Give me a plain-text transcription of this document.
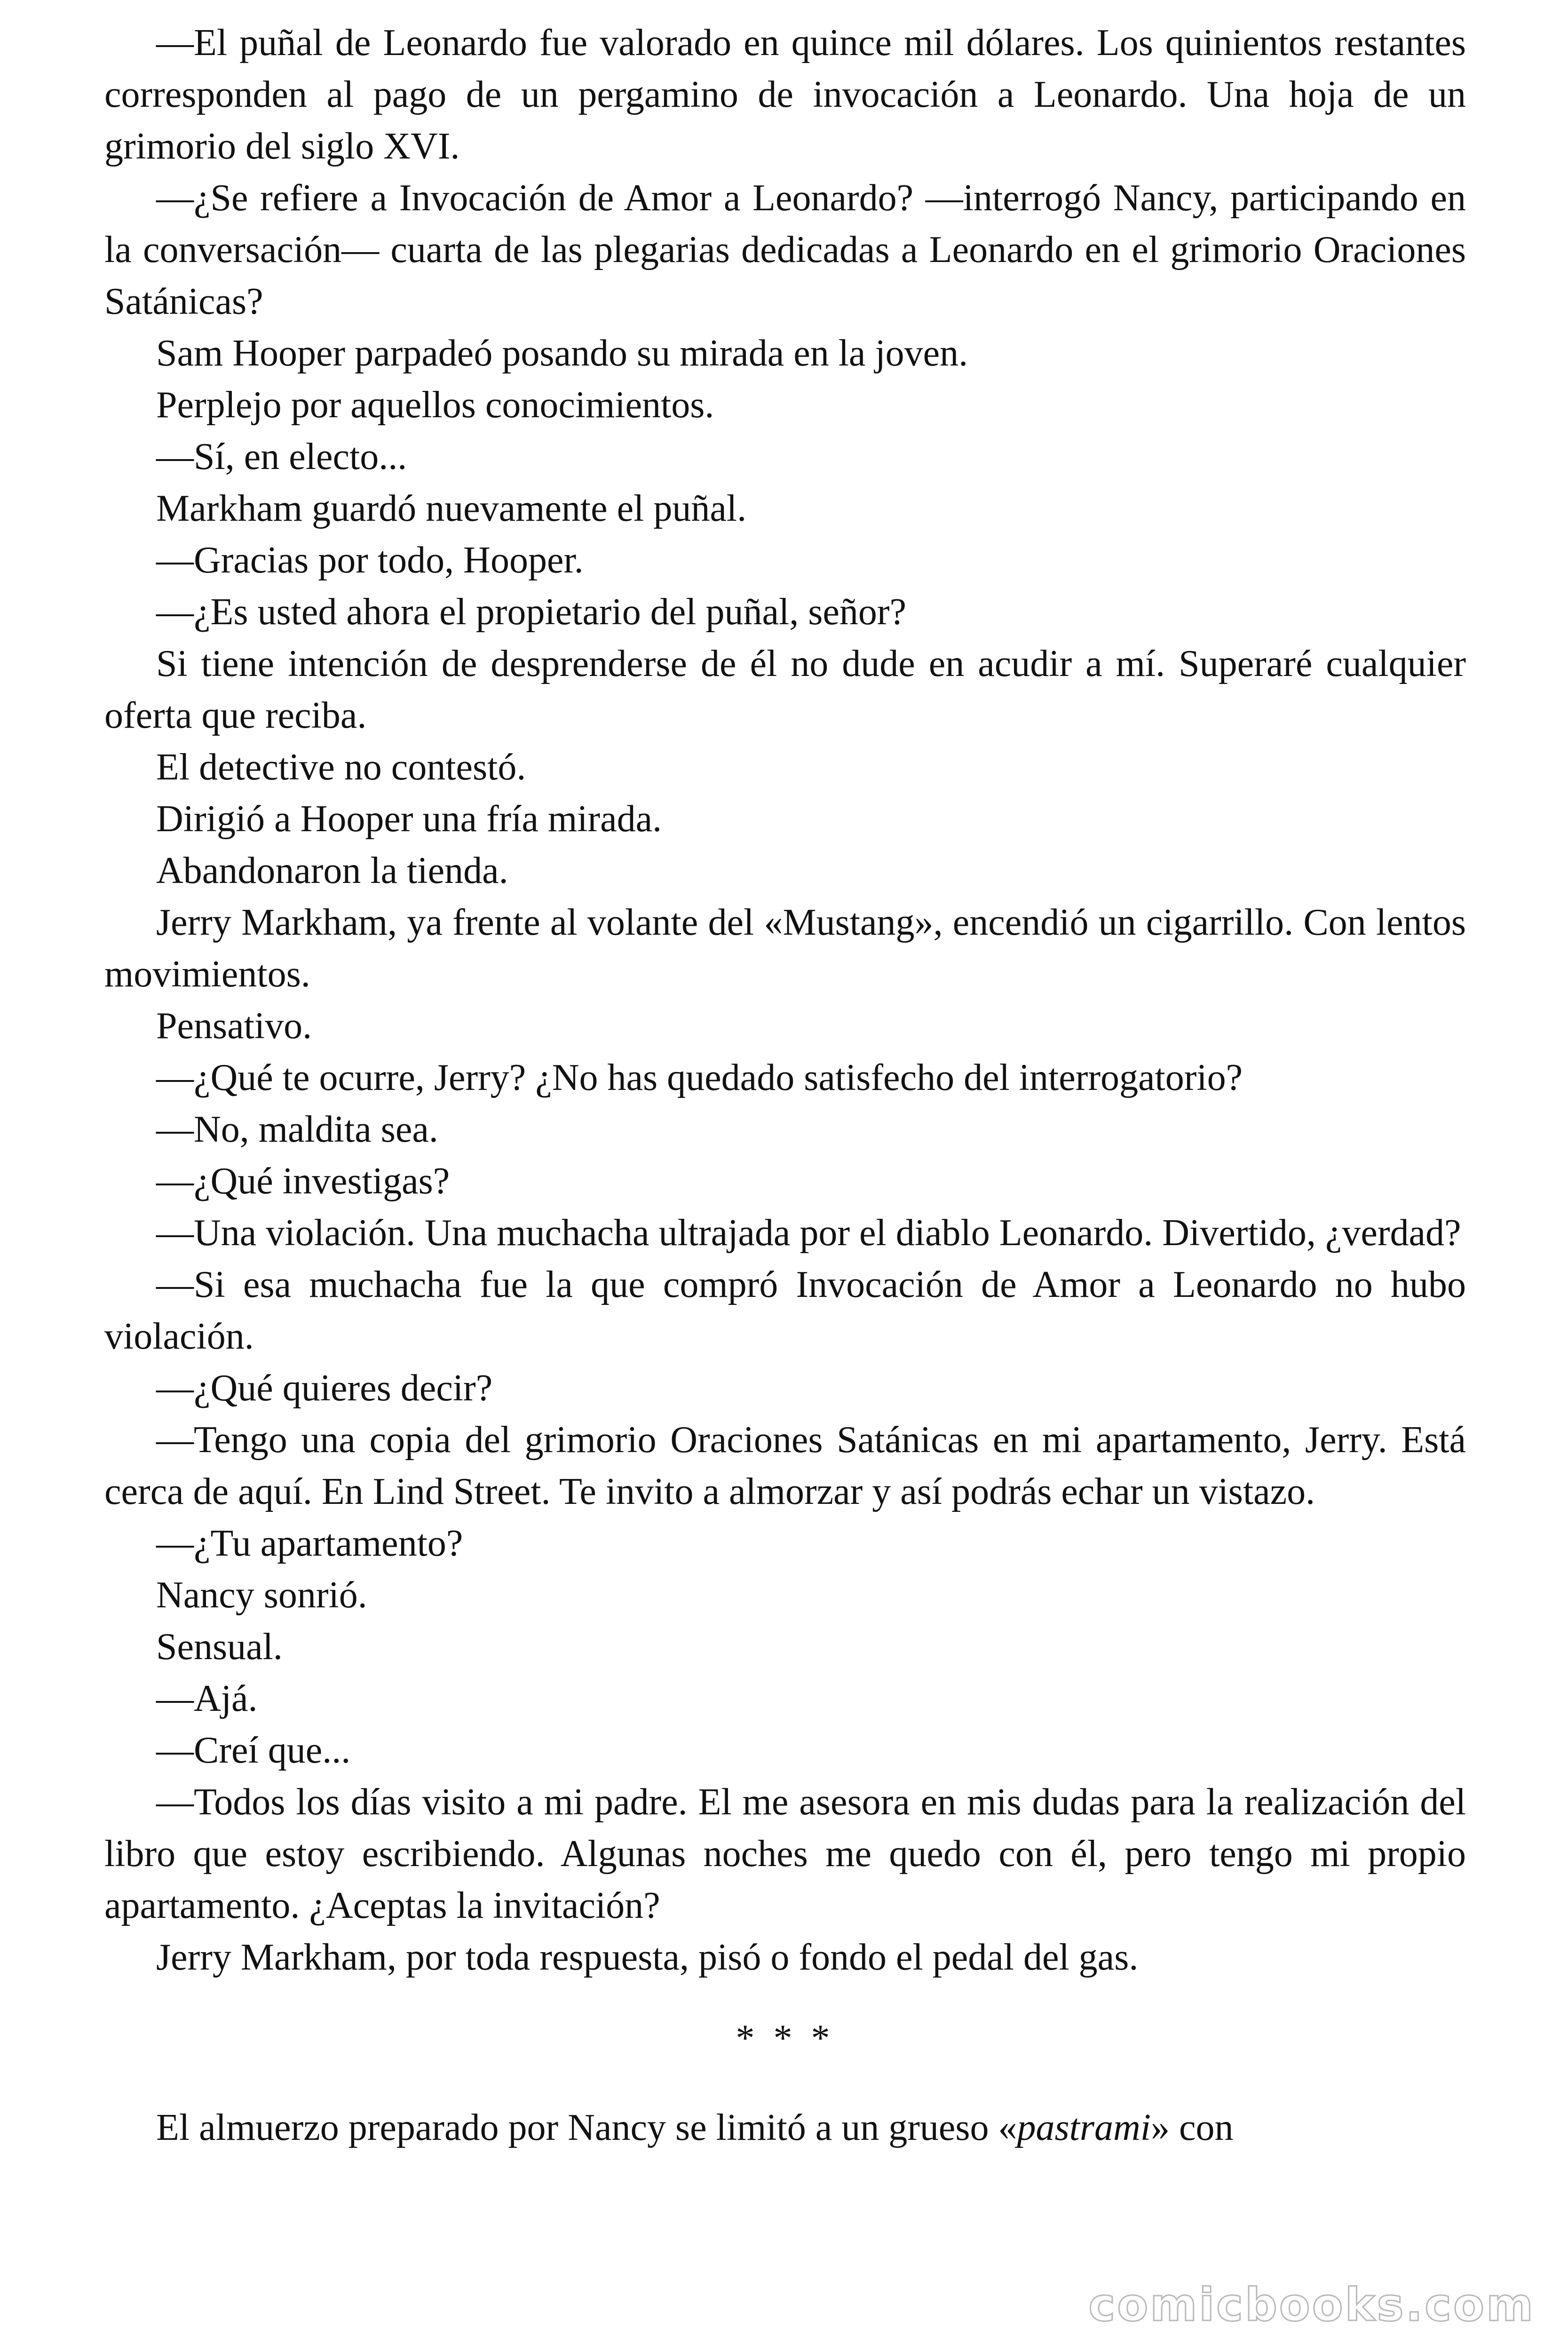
—El puñal de Leonardo fue valorado en quince mil dólares. Los quinientos restantes corresponden al pago de un pergamino de invocación a Leonardo. Una hoja de un grimorio del siglo XVI.

—¿Se refiere a Invocación de Amor a Leonardo? —interrogó Nancy, participando en la conversación— cuarta de las plegarias dedicadas a Leonardo en el grimorio Oraciones Satánicas?

Sam Hooper parpadeó posando su mirada en la joven.

Perplejo por aquellos conocimientos.

—Sí, en electo...

Markham guardó nuevamente el puñal.

—Gracias por todo, Hooper.

—¿Es usted ahora el propietario del puñal, señor?

Si tiene intención de desprenderse de él no dude en acudir a mí. Superaré cualquier oferta que reciba.

El detective no contestó.

Dirigió a Hooper una fría mirada.

Abandonaron la tienda.

Jerry Markham, ya frente al volante del «Mustang», encendió un cigarrillo. Con lentos movimientos.

Pensativo.

—¿Qué te ocurre, Jerry? ¿No has quedado satisfecho del interrogatorio?

—No, maldita sea.

—¿Qué investigas?

—Una violación. Una muchacha ultrajada por el diablo Leonardo. Divertido, ¿verdad?

—Si esa muchacha fue la que compró Invocación de Amor a Leonardo no hubo violación.

—¿Qué quieres decir?

—Tengo una copia del grimorio Oraciones Satánicas en mi apartamento, Jerry. Está cerca de aquí. En Lind Street. Te invito a almorzar y así podrás echar un vistazo.

—¿Tu apartamento?

Nancy sonrió.

Sensual.

—Ajá.

—Creí que...

—Todos los días visito a mi padre. El me asesora en mis dudas para la realización del libro que estoy escribiendo. Algunas noches me quedo con él, pero tengo mi propio apartamento. ¿Aceptas la invitación?

Jerry Markham, por toda respuesta, pisó o fondo el pedal del gas.

* * *

El almuerzo preparado por Nancy se limitó a un grueso «pastrami» con

comicbooks.com
